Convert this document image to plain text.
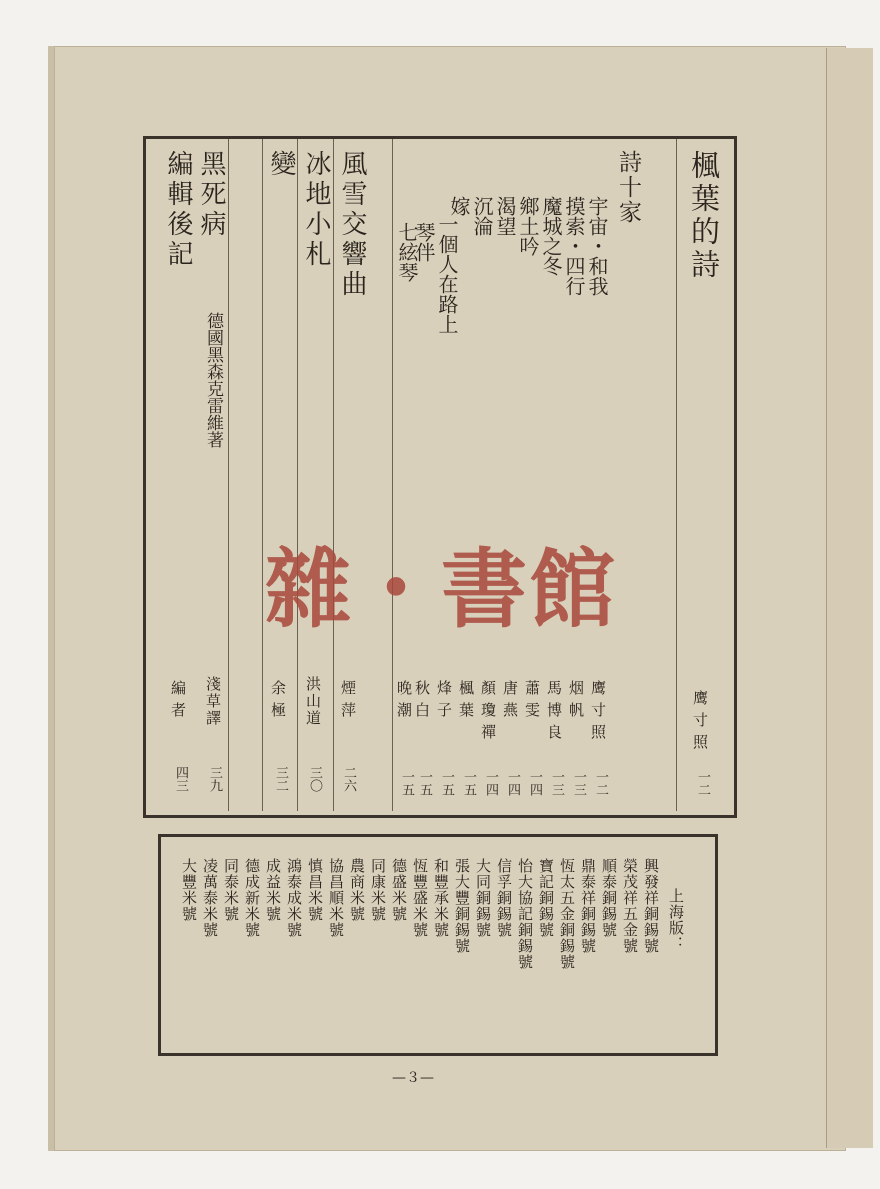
楓葉的詩
鹰寸照
一二
詩十家
宇宙・和我
鹰寸照
一二
摸索・四行
烟帆
一三
魔城之冬
馬博良
一三
鄉土吟
蕭雯
一四
渴望
唐燕
一四
沉淪
顏瓊禪
一四
嫁
楓葉
一五
一個人在路上
烽子
一五
琴伴
秋白
一五
七絃琴
晚潮
一五
風雪交響曲
煙萍
二六
冰地小札
洪山道
三〇
變
余極
三二
黑死病
德國黑森克雷維著
淺草譯
三九
編輯後記
編者
四三
雜・書館
上海版：
興發祥銅錫號
榮茂祥五金號
順泰銅錫號
鼎泰祥銅錫號
恆太五金銅錫號
寶記銅錫號
怡大協記銅錫號
信孚銅錫號
大同銅錫號
張大豐銅錫號
和豐承米號
恆豐盛米號
德盛米號
同康米號
農商米號
協昌順米號
慎昌米號
鴻泰成米號
成益米號
德成新米號
同泰米號
凌萬泰米號
大豐米號
—３—
